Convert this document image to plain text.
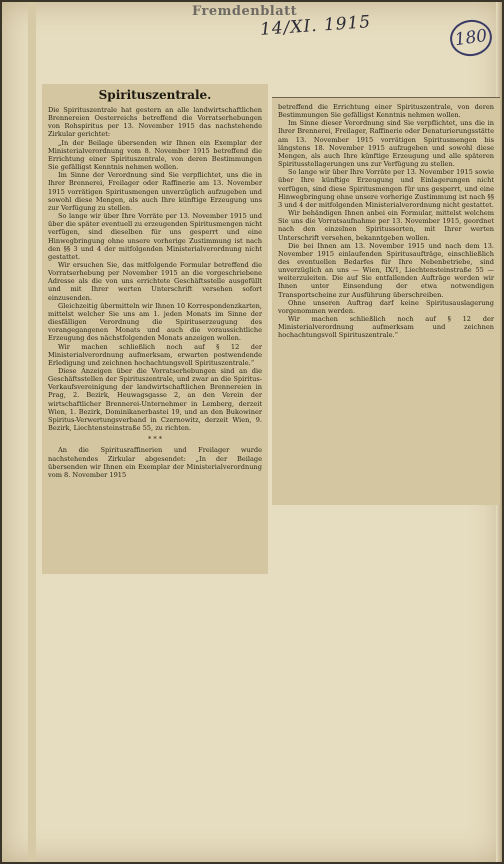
Fremdenblatt
14/XI. 1915	180
Spirituszentrale.

Die Spirituszentrale hat gestern an alle landwirtschaftlichen Brennereien Oesterreichs betreffend die Vorratserhebungen von Rohspiritus per 13. November 1915 das nachstehende Zirkular gerichtet:

„In der Beilage übersenden wir Ihnen ein Exemplar der Ministerialverordnung vom 8. November 1915 betreffend die Errichtung einer Spirituszentrale, von deren Bestimmungen Sie gefälligst Kenntnis nehmen wollen.

Im Sinne der Verordnung sind Sie verpflichtet, uns die in Ihrer Brennerei, Freilager oder Raffinerie am 13. November 1915 vorrätigen Spiritusmengen unverzüglich aufzugeben und sowohl diese Mengen, als auch Ihre künftige Erzeugung uns zur Verfügung zu stellen.

So lange wir über Ihre Vorräte per 13. November 1915 und über die später eventuell zu erzeugenden Spiritusmengen nicht verfügen, sind dieselben für uns gesperrt und eine Hinwegbringung ohne unsere vorherige Zustimmung ist nach den §§ 3 und 4 der mitfolgenden Ministerialverordnung nicht gestattet.

Wir ersuchen Sie, das mitfolgende Formular betreffend die Vorratserhebung per November 1915 an die vorgeschriebene Adresse als die von uns errichtete Geschäftsstelle ausgefüllt und mit Ihrer werten Unterschrift versehen sofort einzusenden.

Gleichzeitig übermitteln wir Ihnen 10 Korrespondenzkarten, mittelst welcher Sie uns am 1. jeden Monats im Sinne der diesfälligen Verordnung die Spirituserzeugung des vorangegangenen Monats und auch die voraussichtliche Erzeugung des nächstfolgenden Monats anzeigen wollen.

Wir machen schließlich noch auf § 12 der Ministerialverordnung aufmerksam, erwarten postwendende Erledigung und zeichnen hochachtungsvoll Spirituszentrale.“

Diese Anzeigen über die Vorratserhebungen sind an die Geschäftsstellen der Spirituszentrale, und zwar an die Spiritus-Verkaufsvereinigung der landwirtschaftlichen Brennereien in Prag, 2. Bezirk, Heuwagsgasse 2, an den Verein der wirtschaftlicher Brennerei-Unternehmer in Lemberg, derzeit Wien, 1. Bezirk, Dominikanerbastei 19, und an den Bukowiner Spiritus-Verwertungsverband in Czernowitz, derzeit Wien, 9. Bezirk, Liechtensteinstraße 55, zu richten.

* * *

An die Spiritusraffinerien und Freilager wurde nachstehendes Zirkular abgesendet: „In der Beilage übersenden wir Ihnen ein Exemplar der Ministerialverordnung vom 8. November 1915

betreffend die Errichtung einer Spirituszentrale, von deren Bestimmungen Sie gefälligst Kenntnis nehmen wollen.

Im Sinne dieser Verordnung sind Sie verpflichtet, uns die in Ihrer Brennerei, Freilager, Raffinerie oder Denaturierungsstätte am 13. November 1915 vorrätigen Spiritusmengen bis längstens 18. November 1915 aufzugeben und sowohl diese Mengen, als auch Ihre künftige Erzeugung und alle späteren Spiritusstellagerungen uns zur Verfügung zu stellen.

So lange wir über Ihre Vorräte per 13. November 1915 sowie über Ihre künftige Erzeugung und Einlagerungen nicht verfügen, sind diese Spiritusmengen für uns gesperrt, und eine Hinwegbringung ohne unsere vorherige Zustimmung ist nach §§ 3 und 4 der mitfolgenden Ministerialverordnung nicht gestattet.

Wir behändigen Ihnen anbei ein Formular, mittelst welchem Sie uns die Vorratsaufnahme per 13. November 1915, geordnet nach den einzelnen Spiritussorten, mit Ihrer werten Unterschrift versehen, bekanntgeben wollen.

Die bei Ihnen am 13. November 1915 und nach dem 13. November 1915 einlaufenden Spiritusaufträge, einschließlich des eventuellen Bedarfes für Ihre Nebenbetriebe, sind unverzüglich an uns — Wien, IX/1, Liechtensteinstraße 55 — weiterzuleiten. Die auf Sie entfallenden Aufträge werden wir Ihnen unter Einsendung der etwa notwendigen Transportscheine zur Ausführung überschreiben.

Ohne unseren Auftrag darf keine Spiritusauslagerung vorgenommen werden.

Wir machen schließlich noch auf § 12 der Ministerialverordnung aufmerksam und zeichnen hochachtungsvoll Spirituszentrale.“
